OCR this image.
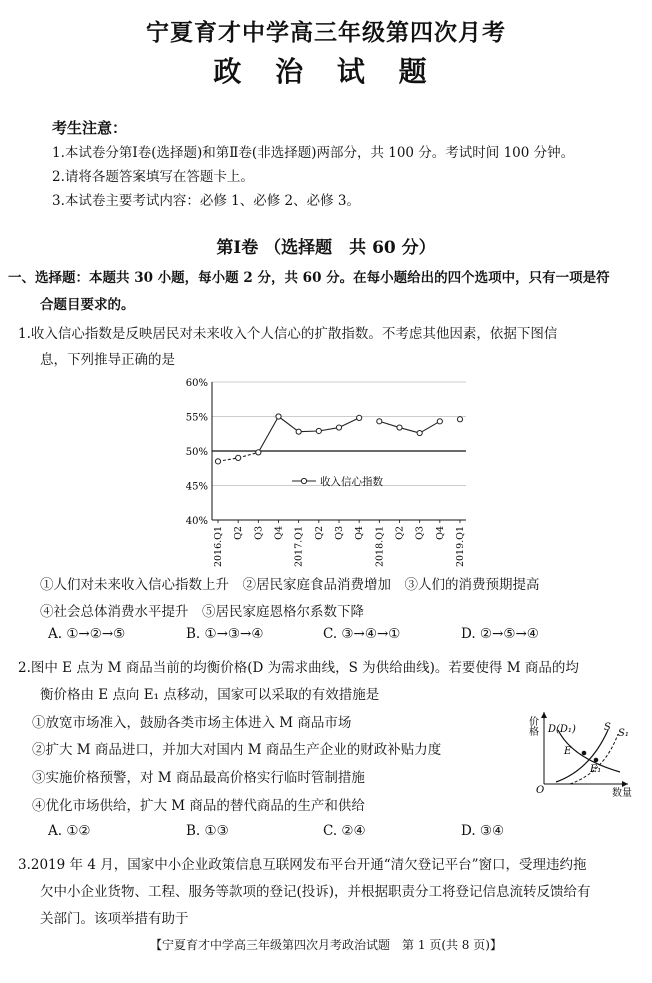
宁夏育才中学高三年级第四次月考
政 治 试 题
考生注意：
1.本试卷分第Ⅰ卷(选择题)和第Ⅱ卷(非选择题)两部分，共 100 分。考试时间 100 分钟。
2.请将各题答案填写在答题卡上。
3.本试卷主要考试内容：必修 1、必修 2、必修 3。
第Ⅰ卷 （选择题　共 60 分）
一、选择题：本题共 30 小题，每小题 2 分，共 60 分。在每小题给出的四个选项中，只有一项是符
合题目要求的。
1.收入信心指数是反映居民对未来收入个人信心的扩散指数。不考虑其他因素，依据下图信
息，下列推导正确的是
60%
55%
50%
45%
40%
2016.Q1 Q2 Q3 Q4 2017.Q1 Q2 Q3 Q4 2018.Q1 Q2 Q3 Q4 2019.Q1
收入信心指数
①人们对未来收入信心指数上升　②居民家庭食品消费增加　③人们的消费预期提高
④社会总体消费水平提升　⑤居民家庭恩格尔系数下降
A. ①→②→⑤	B. ①→③→④	C. ③→④→①	D. ②→⑤→④
2.图中 E 点为 M 商品当前的均衡价格(D 为需求曲线，S 为供给曲线)。若要使得 M 商品的均
衡价格由 E 点向 E₁ 点移动，国家可以采取的有效措施是
①放宽市场准入，鼓励各类市场主体进入 M 商品市场
②扩大 M 商品进口，并加大对国内 M 商品生产企业的财政补贴力度
③实施价格预警，对 M 商品最高价格实行临时管制措施
④优化市场供给，扩大 M 商品的替代商品的生产和供给
价格
数量
O
D(D₁)	S
S₁
E
E₁
A. ①②	B. ①③	C. ②④	D. ③④
3.2019 年 4 月，国家中小企业政策信息互联网发布平台开通“清欠登记平台”窗口，受理违约拖
欠中小企业货物、工程、服务等款项的登记(投诉)，并根据职责分工将登记信息流转反馈给有
关部门。该项举措有助于
【宁夏育才中学高三年级第四次月考政治试题　第 1 页(共 8 页)】
